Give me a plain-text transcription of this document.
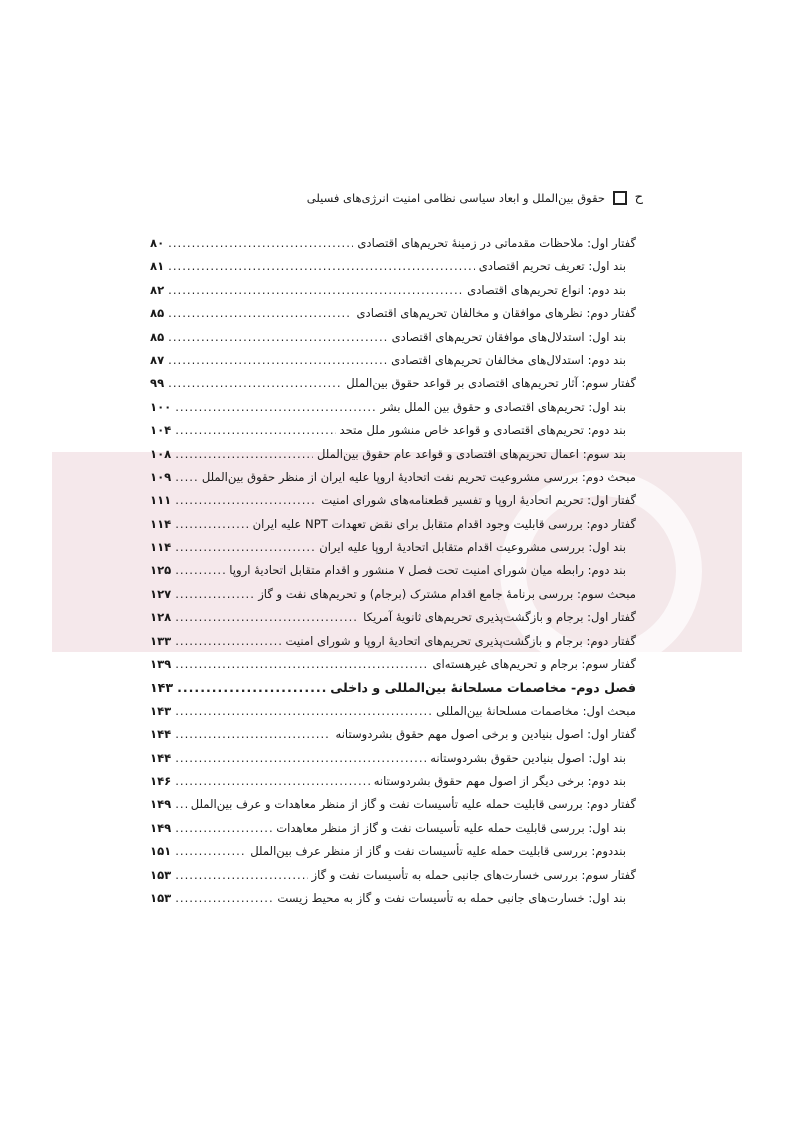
ح
حقوق بین‌الملل و ابعاد سیاسی نظامی امنیت انرژی‌های فسیلی
گفتار اول: ملاحظات مقدماتی در زمینهٔ تحریم‌های اقتصادی
.....
۸۰
بند اول: تعریف تحریم اقتصادی
.....
۸۱
بند دوم: انواع تحریم‌های اقتصادی
.....
۸۲
گفتار دوم: نظرهای موافقان و مخالفان تحریم‌های اقتصادی
.....
۸۵
بند اول: استدلال‌های موافقان تحریم‌های اقتصادی
.....
۸۵
بند دوم: استدلال‌های مخالفان تحریم‌های اقتصادی
.....
۸۷
گفتار سوم: آثار تحریم‌های اقتصادی بر قواعد حقوق بین‌الملل
.....
۹۹
بند اول: تحریم‌های اقتصادی و حقوق بین الملل بشر
.....
۱۰۰
بند دوم: تحریم‌های اقتصادی و قواعد خاص منشور ملل متحد
.....
۱۰۴
بند سوم: اعمال تحریم‌های اقتصادی و قواعد عام حقوق بین‌الملل
.....
۱۰۸
مبحث دوم: بررسی مشروعیت تحریم نفت اتحادیهٔ اروپا علیه ایران از منظر حقوق بین‌الملل
.....
۱۰۹
گفتار اول: تحریم اتحادیهٔ اروپا و تفسیر قطعنامه‌های شورای امنیت
.....
۱۱۱
گفتار دوم: بررسی قابلیت وجود اقدام متقابل برای نقض تعهدات NPT علیه ایران
.....
۱۱۴
بند اول: بررسی مشروعیت اقدام متقابل اتحادیهٔ اروپا علیه ایران
.....
۱۱۴
بند دوم: رابطه میان شورای امنیت تحت فصل ۷ منشور و اقدام متقابل اتحادیهٔ اروپا
.....
۱۲۵
مبحث سوم: بررسی برنامهٔ جامع اقدام مشترک (برجام) و تحریم‌های نفت و گاز
.....
۱۲۷
گفتار اول: برجام و بازگشت‌پذیری تحریم‌های ثانویهٔ آمریکا
.....
۱۲۸
گفتار دوم: برجام و بازگشت‌پذیری تحریم‌های اتحادیهٔ اروپا و شورای امنیت
.....
۱۳۳
گفتار سوم: برجام و تحریم‌های غیرهسته‌ای
.....
۱۳۹
فصل دوم- مخاصمات مسلحانهٔ بین‌المللی و داخلی
.....
۱۴۳
مبحث اول: مخاصمات مسلحانهٔ بین‌المللی
.....
۱۴۳
گفتار اول: اصول بنیادین و برخی اصول مهم حقوق بشردوستانه
.....
۱۴۴
بند اول: اصول بنیادین حقوق بشردوستانه
.....
۱۴۴
بند دوم: برخی دیگر از اصول مهم حقوق بشردوستانه
.....
۱۴۶
گفتار دوم: بررسی قابلیت حمله علیه تأسیسات نفت و گاز از منظر معاهدات و عرف بین‌الملل
.....
۱۴۹
بند اول: بررسی قابلیت حمله علیه تأسیسات نفت و گاز از منظر معاهدات
.....
۱۴۹
بنددوم: بررسی قابلیت حمله علیه تأسیسات نفت و گاز از منظر عرف بین‌الملل
.....
۱۵۱
گفتار سوم: بررسی خسارت‌های جانبی حمله به تأسیسات نفت و گاز
.....
۱۵۳
بند اول: خسارت‌های جانبی حمله به تأسیسات نفت و گاز به محیط زیست
.....
۱۵۳
